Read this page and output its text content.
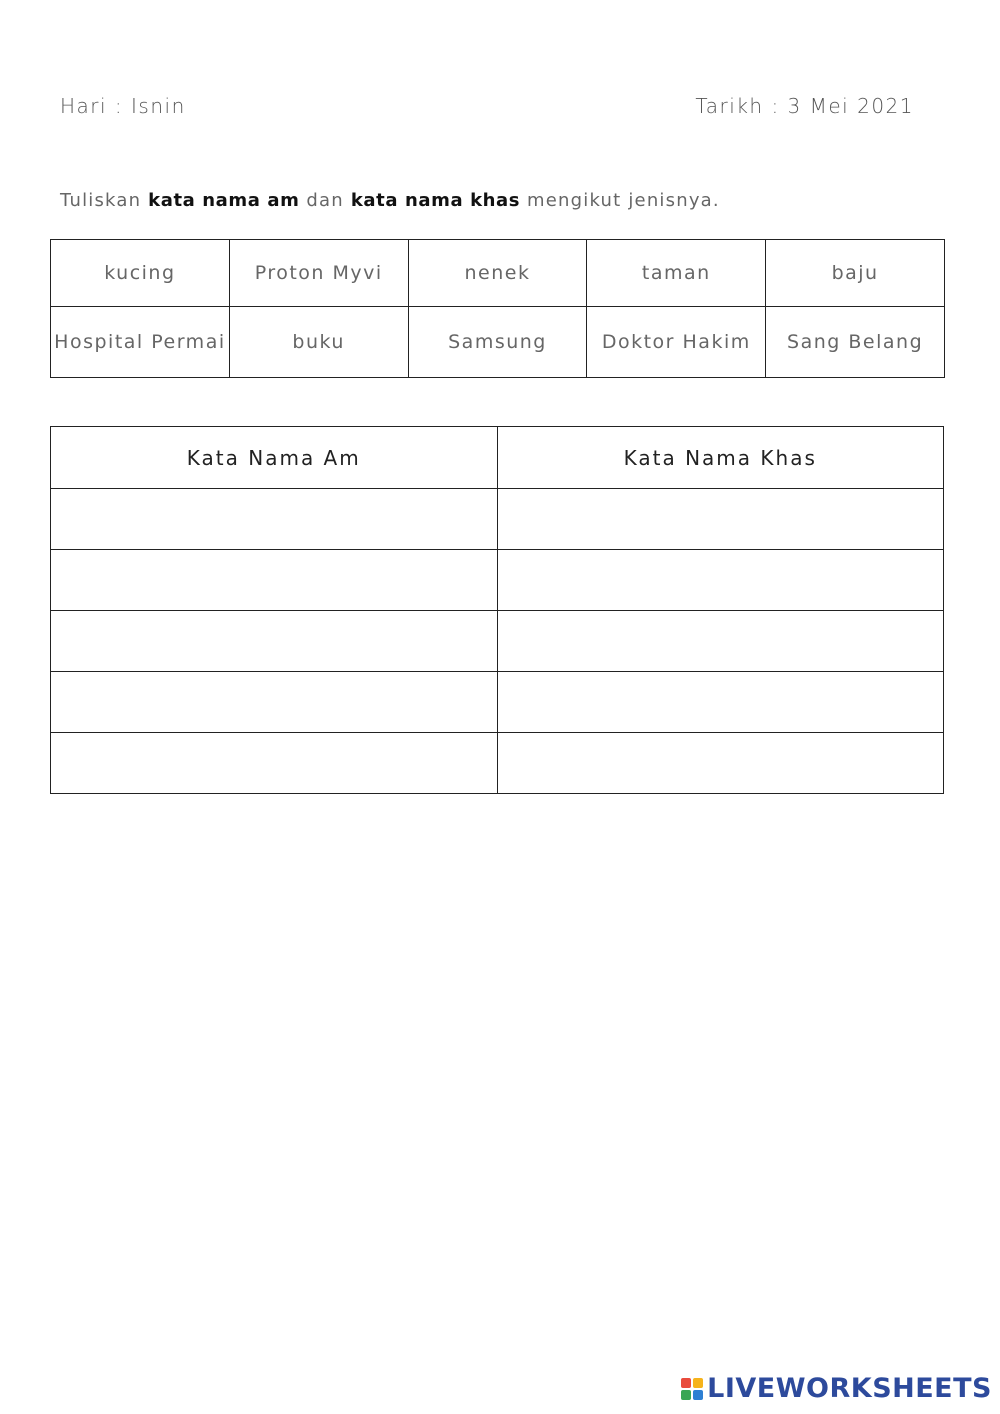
Hari : Isnin	Tarikh : 3 Mei 2021
Tuliskan kata nama am dan kata nama khas mengikut jenisnya.
kucing	Proton Myvi	nenek	taman	baju
Hospital Permai	buku	Samsung	Doktor Hakim	Sang Belang
Kata Nama Am	Kata Nama Khas

LIVEWORKSHEETS
